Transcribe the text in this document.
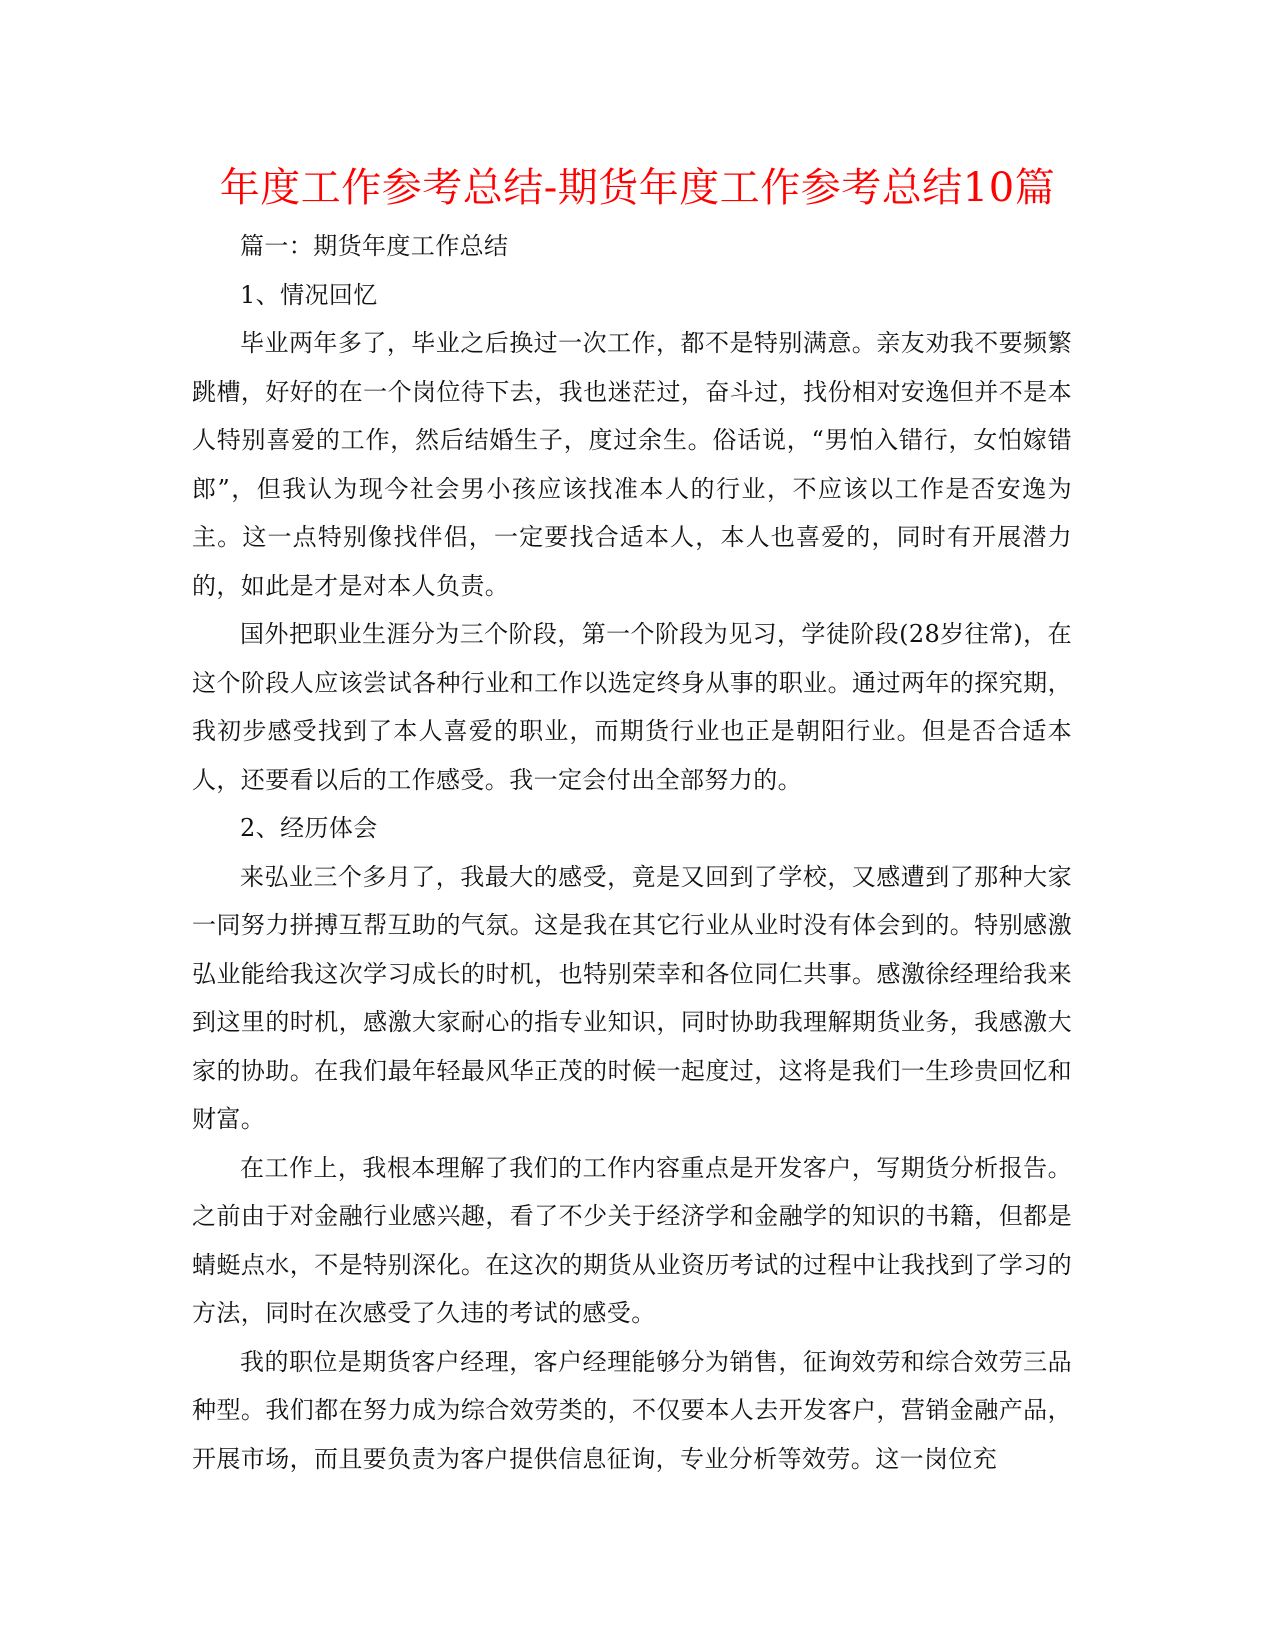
年度工作参考总结-期货年度工作参考总结10篇

篇一：期货年度工作总结

1、情况回忆

毕业两年多了，毕业之后换过一次工作，都不是特别满意。亲友劝我不要频繁跳槽，好好的在一个岗位待下去，我也迷茫过，奋斗过，找份相对安逸但并不是本人特别喜爱的工作，然后结婚生子，度过余生。俗话说，“男怕入错行，女怕嫁错郎”，但我认为现今社会男小孩应该找准本人的行业，不应该以工作是否安逸为主。这一点特别像找伴侣，一定要找合适本人，本人也喜爱的，同时有开展潜力的，如此是才是对本人负责。

国外把职业生涯分为三个阶段，第一个阶段为见习，学徒阶段(28岁往常)，在这个阶段人应该尝试各种行业和工作以选定终身从事的职业。通过两年的探究期，我初步感受找到了本人喜爱的职业，而期货行业也正是朝阳行业。但是否合适本人，还要看以后的工作感受。我一定会付出全部努力的。

2、经历体会

来弘业三个多月了，我最大的感受，竟是又回到了学校，又感遭到了那种大家一同努力拼搏互帮互助的气氛。这是我在其它行业从业时没有体会到的。特别感激弘业能给我这次学习成长的时机，也特别荣幸和各位同仁共事。感激徐经理给我来到这里的时机，感激大家耐心的指专业知识，同时协助我理解期货业务，我感激大家的协助。在我们最年轻最风华正茂的时候一起度过，这将是我们一生珍贵回忆和财富。

在工作上，我根本理解了我们的工作内容重点是开发客户，写期货分析报告。之前由于对金融行业感兴趣，看了不少关于经济学和金融学的知识的书籍，但都是蜻蜓点水，不是特别深化。在这次的期货从业资历考试的过程中让我找到了学习的方法，同时在次感受了久违的考试的感受。

我的职位是期货客户经理，客户经理能够分为销售，征询效劳和综合效劳三品种型。我们都在努力成为综合效劳类的，不仅要本人去开发客户，营销金融产品，开展市场，而且要负责为客户提供信息征询，专业分析等效劳。这一岗位充
